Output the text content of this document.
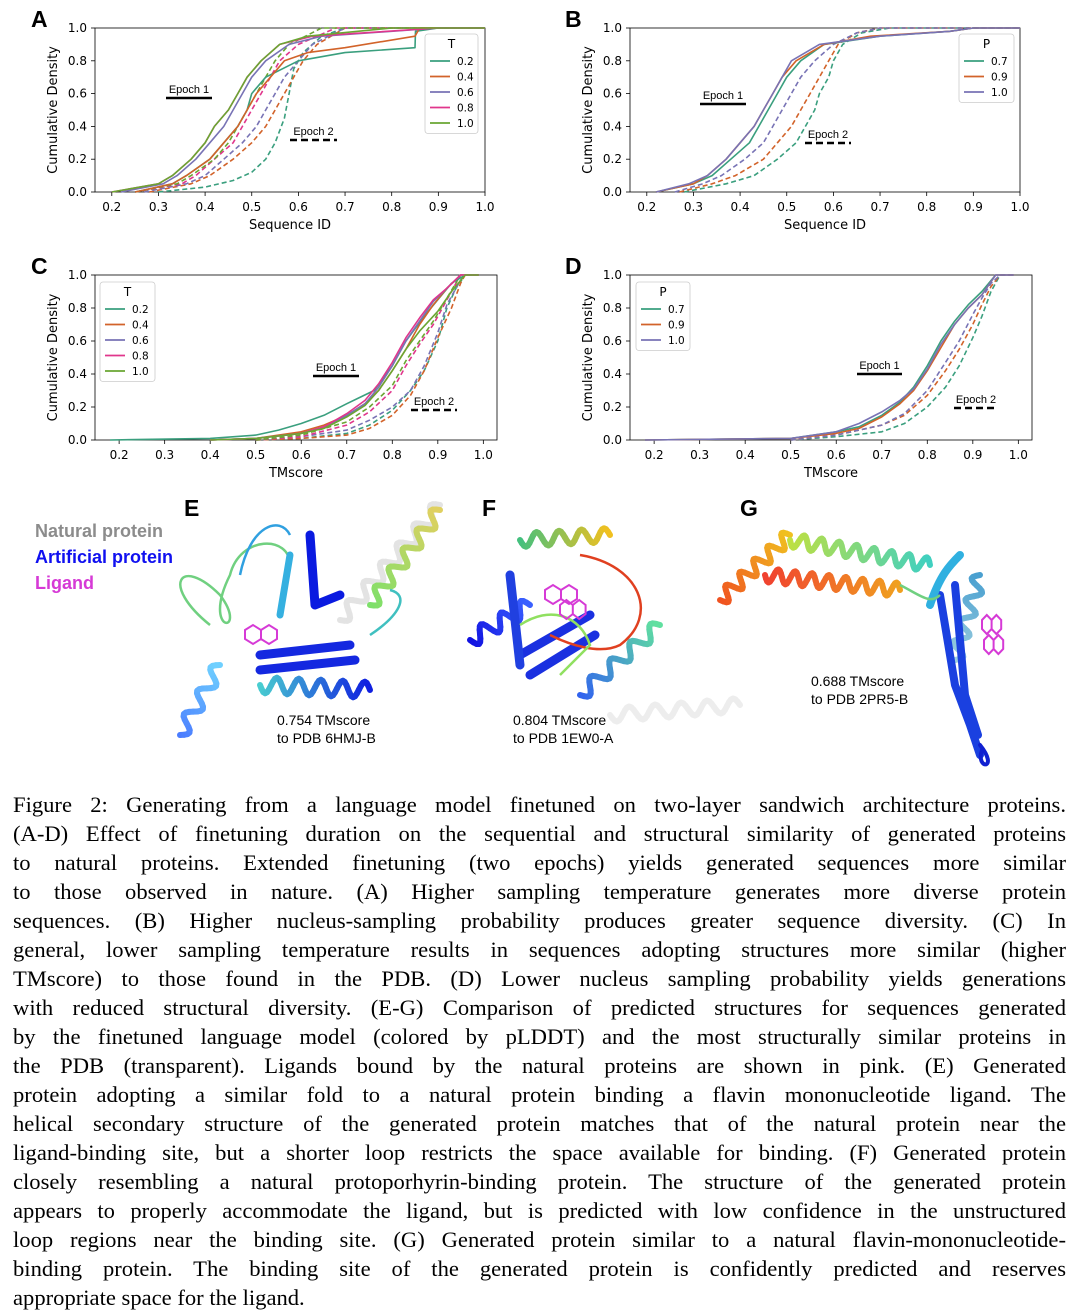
0.2 0.3 0.4 0.5 0.6 0.7 0.8 0.9 1.0
0.0
0.2
0.4
0.6
0.8
1.0
Sequence ID
Cumulative Density	Epoch 1
Epoch 2
T
0.2
0.4
0.6
0.8
1.0
0.2 0.3 0.4 0.5 0.6 0.7 0.8 0.9 1.0
0.0
0.2
0.4
0.6
0.8
1.0
Sequence ID
Cumulative Density	Epoch 1
Epoch 2
P
0.7
0.9
1.0
0.2 0.3 0.4 0.5 0.6 0.7 0.8 0.9 1.0
0.0
0.2
0.4
0.6
0.8
1.0
TMscore
Cumulative Density	Epoch 1
Epoch 2
T
0.2
0.4
0.6
0.8
1.0
0.2 0.3 0.4 0.5 0.6 0.7 0.8 0.9 1.0
0.0
0.2
0.4
0.6
0.8
1.0
TMscore
Cumulative Density	Epoch 1
Epoch 2
P
0.7
0.9
1.0
A	B
C	D
Natural protein
Artificial protein
Ligand
E	F	G
0.754 TMscore
to PDB 6HMJ-B
0.804 TMscore
to PDB 1EW0-A
0.688 TMscore
to PDB 2PR5-B
Figure 2: Generating from a language model finetuned on two-layer sandwich architecture proteins.
(A-D) Effect of finetuning duration on the sequential and structural similarity of generated proteins
to natural proteins. Extended finetuning (two epochs) yields generated sequences more similar
to those observed in nature. (A) Higher sampling temperature generates more diverse protein
sequences. (B) Higher nucleus-sampling probability produces greater sequence diversity. (C) In
general, lower sampling temperature results in sequences adopting structures more similar (higher
TMscore) to those found in the PDB. (D) Lower nucleus sampling probability yields generations
with reduced structural diversity. (E-G) Comparison of predicted structures for sequences generated
by the finetuned language model (colored by pLDDT) and the most structurally similar proteins in
the PDB (transparent). Ligands bound by the natural proteins are shown in pink. (E) Generated
protein adopting a similar fold to a natural protein binding a flavin mononucleotide ligand. The
helical secondary structure of the generated protein matches that of the natural protein near the
ligand-binding site, but a shorter loop restricts the space available for binding. (F) Generated protein
closely resembling a natural protoporhyrin-binding protein. The structure of the generated protein
appears to properly accommodate the ligand, but is predicted with low confidence in the unstructured
loop regions near the binding site. (G) Generated protein similar to a natural flavin-mononucleotide-
binding protein. The binding site of the generated protein is confidently predicted and reserves
appropriate space for the ligand.
